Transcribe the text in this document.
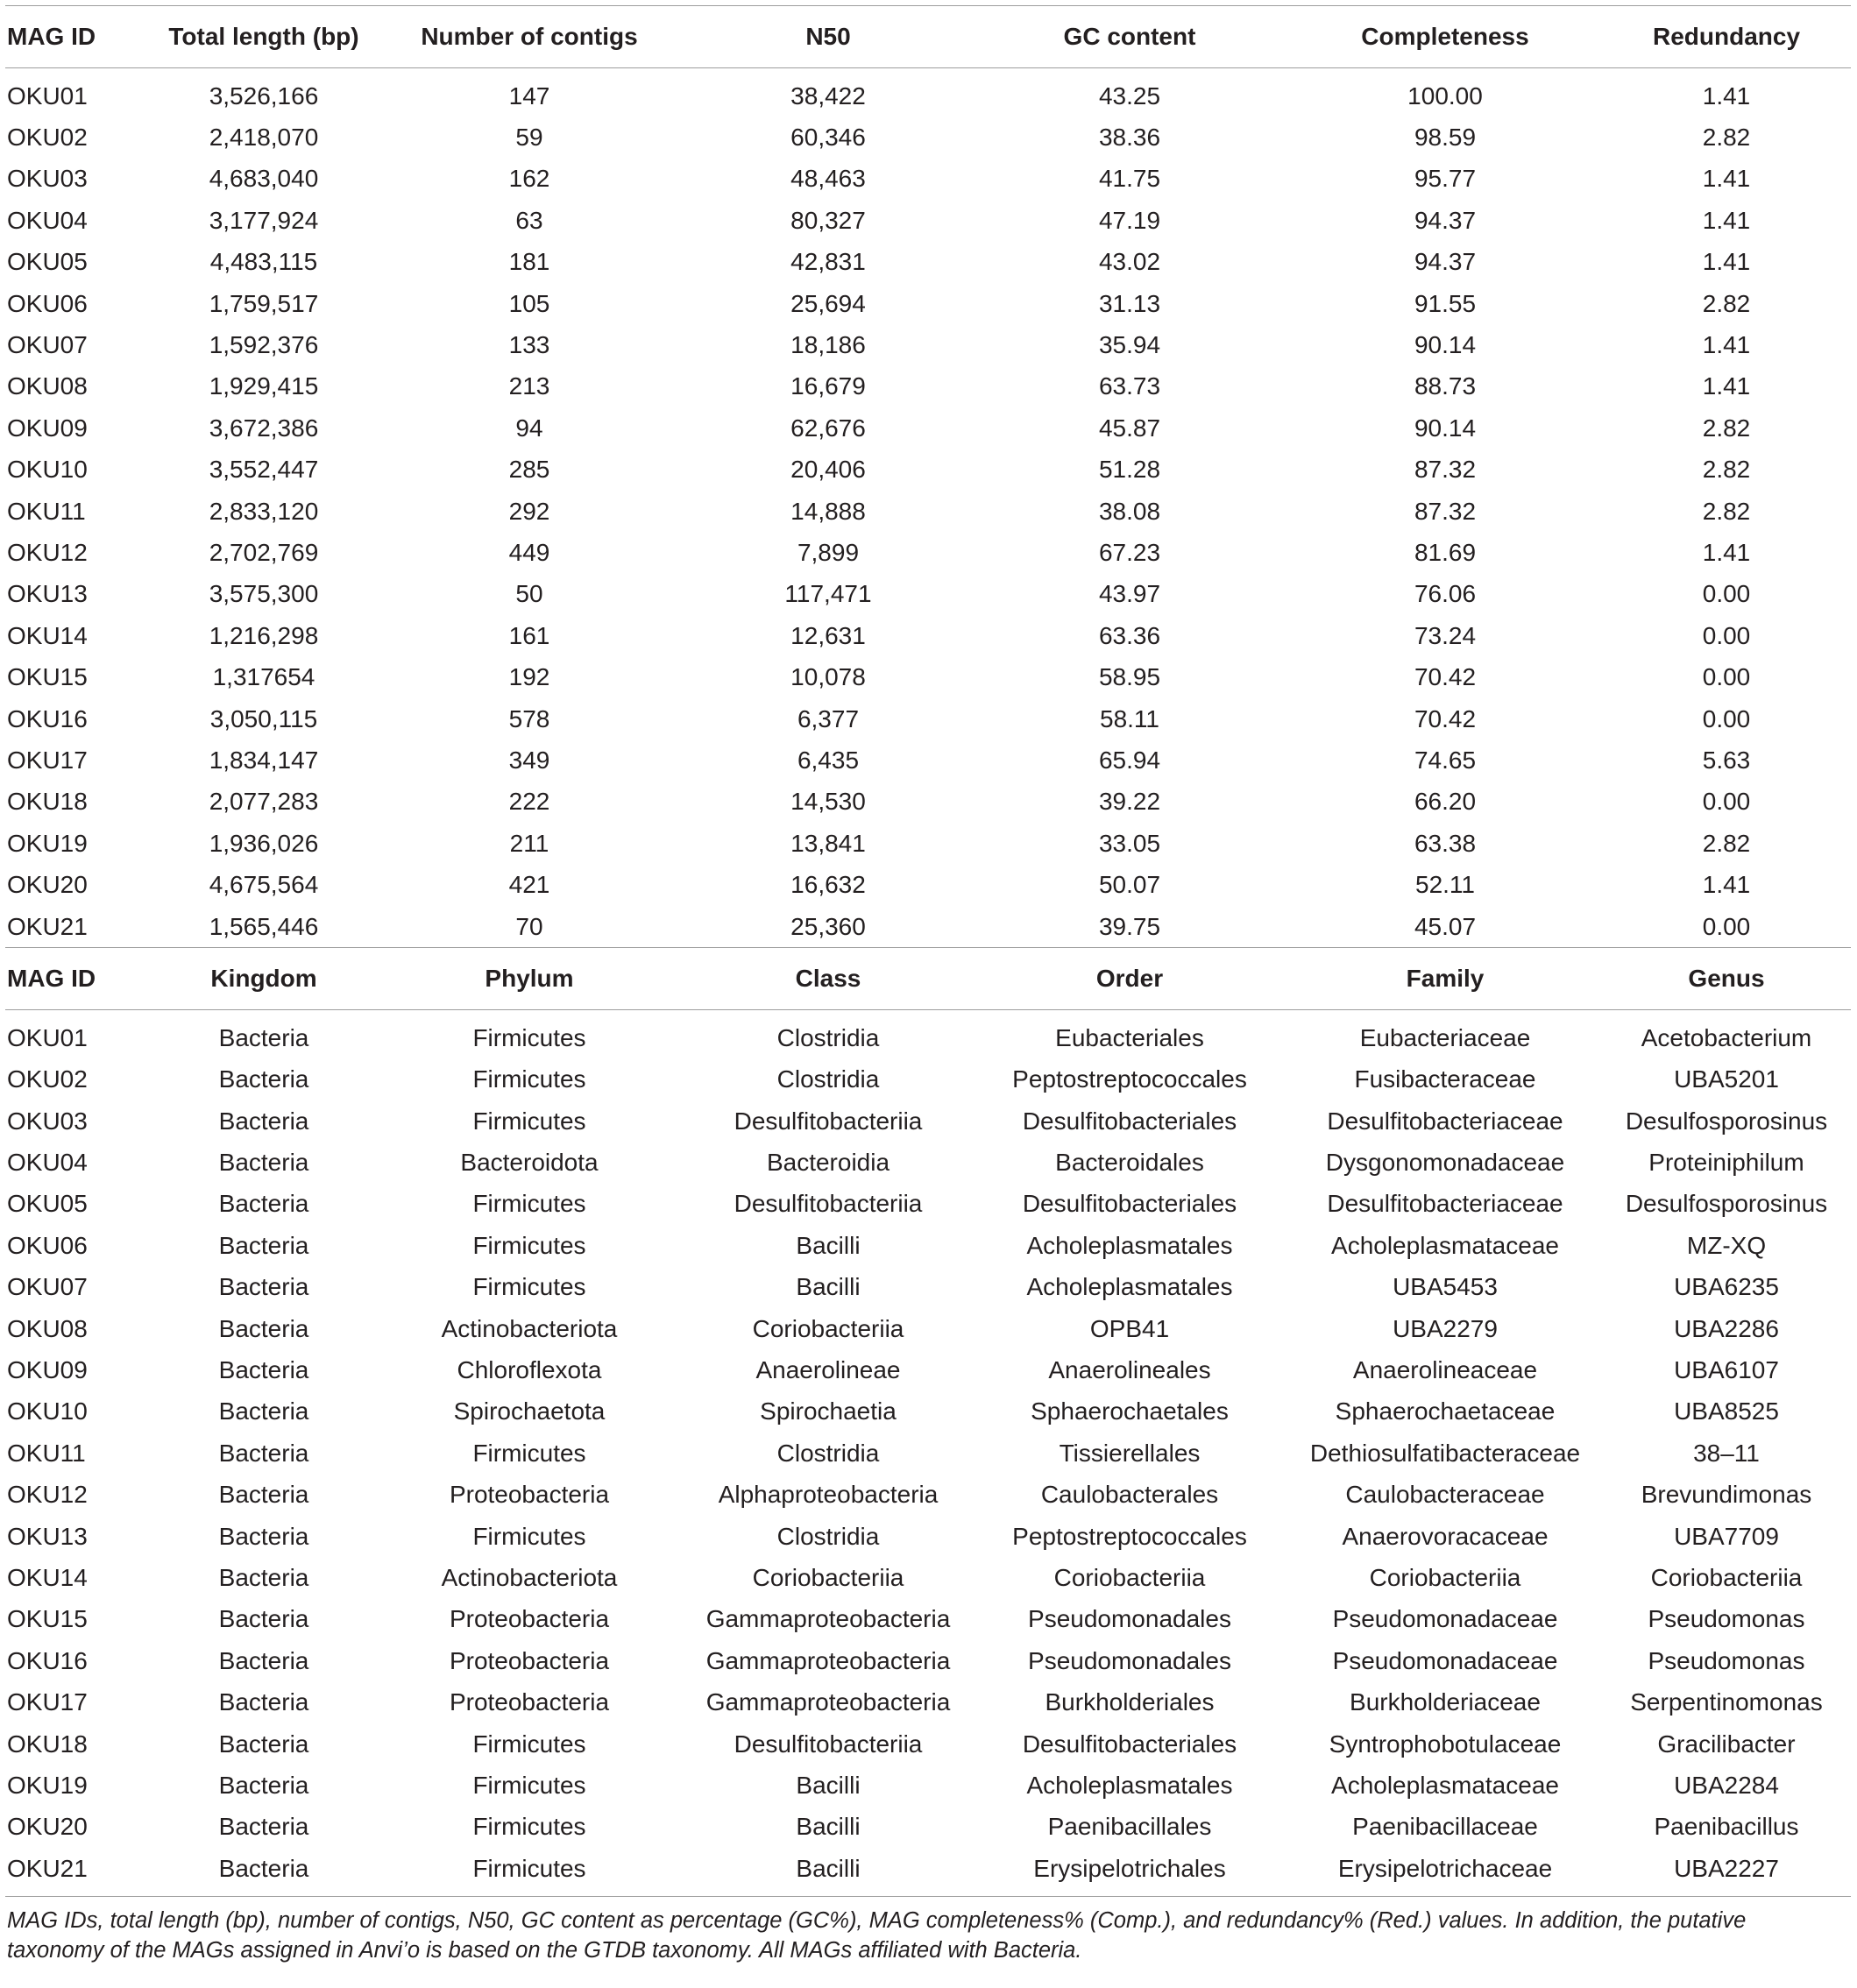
MAG ID	Total length (bp)	Number of contigs	N50	GC content	Completeness	Redundancy
OKU01	3,526,166	147	38,422	43.25	100.00	1.41
OKU02	2,418,070	59	60,346	38.36	98.59	2.82
OKU03	4,683,040	162	48,463	41.75	95.77	1.41
OKU04	3,177,924	63	80,327	47.19	94.37	1.41
OKU05	4,483,115	181	42,831	43.02	94.37	1.41
OKU06	1,759,517	105	25,694	31.13	91.55	2.82
OKU07	1,592,376	133	18,186	35.94	90.14	1.41
OKU08	1,929,415	213	16,679	63.73	88.73	1.41
OKU09	3,672,386	94	62,676	45.87	90.14	2.82
OKU10	3,552,447	285	20,406	51.28	87.32	2.82
OKU11	2,833,120	292	14,888	38.08	87.32	2.82
OKU12	2,702,769	449	7,899	67.23	81.69	1.41
OKU13	3,575,300	50	117,471	43.97	76.06	0.00
OKU14	1,216,298	161	12,631	63.36	73.24	0.00
OKU15	1,317654	192	10,078	58.95	70.42	0.00
OKU16	3,050,115	578	6,377	58.11	70.42	0.00
OKU17	1,834,147	349	6,435	65.94	74.65	5.63
OKU18	2,077,283	222	14,530	39.22	66.20	0.00
OKU19	1,936,026	211	13,841	33.05	63.38	2.82
OKU20	4,675,564	421	16,632	50.07	52.11	1.41
OKU21	1,565,446	70	25,360	39.75	45.07	0.00
MAG ID	Kingdom	Phylum	Class	Order	Family	Genus
OKU01	Bacteria	Firmicutes	Clostridia	Eubacteriales	Eubacteriaceae	Acetobacterium
OKU02	Bacteria	Firmicutes	Clostridia	Peptostreptococcales	Fusibacteraceae	UBA5201
OKU03	Bacteria	Firmicutes	Desulfitobacteriia	Desulfitobacteriales	Desulfitobacteriaceae	Desulfosporosinus
OKU04	Bacteria	Bacteroidota	Bacteroidia	Bacteroidales	Dysgonomonadaceae	Proteiniphilum
OKU05	Bacteria	Firmicutes	Desulfitobacteriia	Desulfitobacteriales	Desulfitobacteriaceae	Desulfosporosinus
OKU06	Bacteria	Firmicutes	Bacilli	Acholeplasmatales	Acholeplasmataceae	MZ-XQ
OKU07	Bacteria	Firmicutes	Bacilli	Acholeplasmatales	UBA5453	UBA6235
OKU08	Bacteria	Actinobacteriota	Coriobacteriia	OPB41	UBA2279	UBA2286
OKU09	Bacteria	Chloroflexota	Anaerolineae	Anaerolineales	Anaerolineaceae	UBA6107
OKU10	Bacteria	Spirochaetota	Spirochaetia	Sphaerochaetales	Sphaerochaetaceae	UBA8525
OKU11	Bacteria	Firmicutes	Clostridia	Tissierellales	Dethiosulfatibacteraceae	38–11
OKU12	Bacteria	Proteobacteria	Alphaproteobacteria	Caulobacterales	Caulobacteraceae	Brevundimonas
OKU13	Bacteria	Firmicutes	Clostridia	Peptostreptococcales	Anaerovoracaceae	UBA7709
OKU14	Bacteria	Actinobacteriota	Coriobacteriia	Coriobacteriia	Coriobacteriia	Coriobacteriia
OKU15	Bacteria	Proteobacteria	Gammaproteobacteria	Pseudomonadales	Pseudomonadaceae	Pseudomonas
OKU16	Bacteria	Proteobacteria	Gammaproteobacteria	Pseudomonadales	Pseudomonadaceae	Pseudomonas
OKU17	Bacteria	Proteobacteria	Gammaproteobacteria	Burkholderiales	Burkholderiaceae	Serpentinomonas
OKU18	Bacteria	Firmicutes	Desulfitobacteriia	Desulfitobacteriales	Syntrophobotulaceae	Gracilibacter
OKU19	Bacteria	Firmicutes	Bacilli	Acholeplasmatales	Acholeplasmataceae	UBA2284
OKU20	Bacteria	Firmicutes	Bacilli	Paenibacillales	Paenibacillaceae	Paenibacillus
OKU21	Bacteria	Firmicutes	Bacilli	Erysipelotrichales	Erysipelotrichaceae	UBA2227
MAG IDs, total length (bp), number of contigs, N50, GC content as percentage (GC%), MAG completeness% (Comp.), and redundancy% (Red.) values. In addition, the putative taxonomy of the MAGs assigned in Anvi’o is based on the GTDB taxonomy. All MAGs affiliated with Bacteria.
